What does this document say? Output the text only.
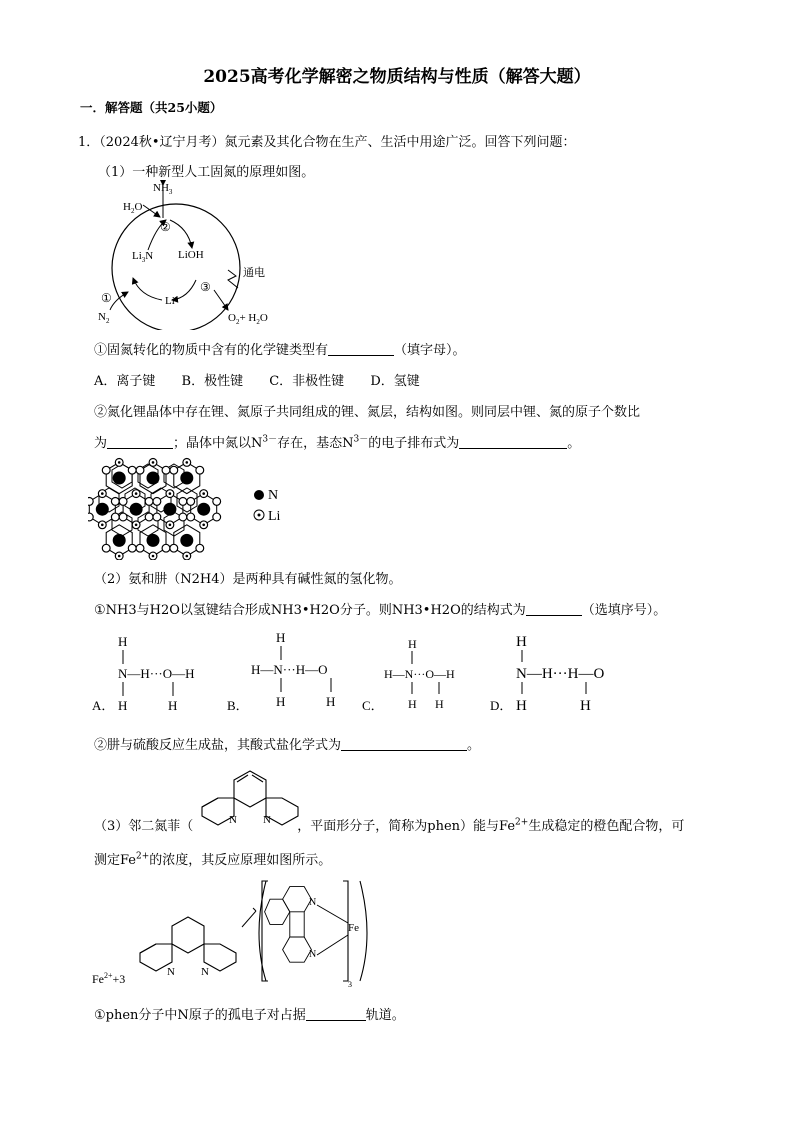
2025高考化学解密之物质结构与性质（解答大题）
一．解答题（共25小题）
1．（2024秋•辽宁月考）氮元素及其化合物在生产、生活中用途广泛。回答下列问题：
（1）一种新型人工固氮的原理如图。
$NH_3$
$H_2O$
$Li_3N$ LiOH
Li
$N_2$	$O_2+ H_2O$
通电
②
①
③
①固氮转化的物质中含有的化学键类型有	（填字母）。
A．离子键 B．极性键 C．非极性键 D．氢键
②氮化锂晶体中存在锂、氮原子共同组成的锂、氮层，结构如图。则同层中锂、氮的原子个数比
为	；晶体中氮以$N^{3-}$存在，基态$N^{3-}$的电子排布式为	。
N
Li
（2）氨和肼（N2H4）是两种具有碱性氮的氢化物。
①NH3与H2O以氢键结合形成NH3•H2O分子。则NH3•H2O的结构式为	（选填序号）。
A．
H
N—H···O—H
H	H	B．
H
H—N···H—O
H	H C．
H
H—N···O—H
H H	D．
H
N—H···H—O
H	H
②肼与硫酸反应生成盐，其酸式盐化学式为	。
（3）邻二氮菲（	，平面形分子，简称为phen）能与$Fe^{2+}$生成稳定的橙色配合物，可
N N
测定$Fe^{2+}$的浓度，其反应原理如图所示。
$Fe^{2+}+3$	N N
N
N
Fe
3
①phen分子中N原子的孤电子对占据	轨道。
